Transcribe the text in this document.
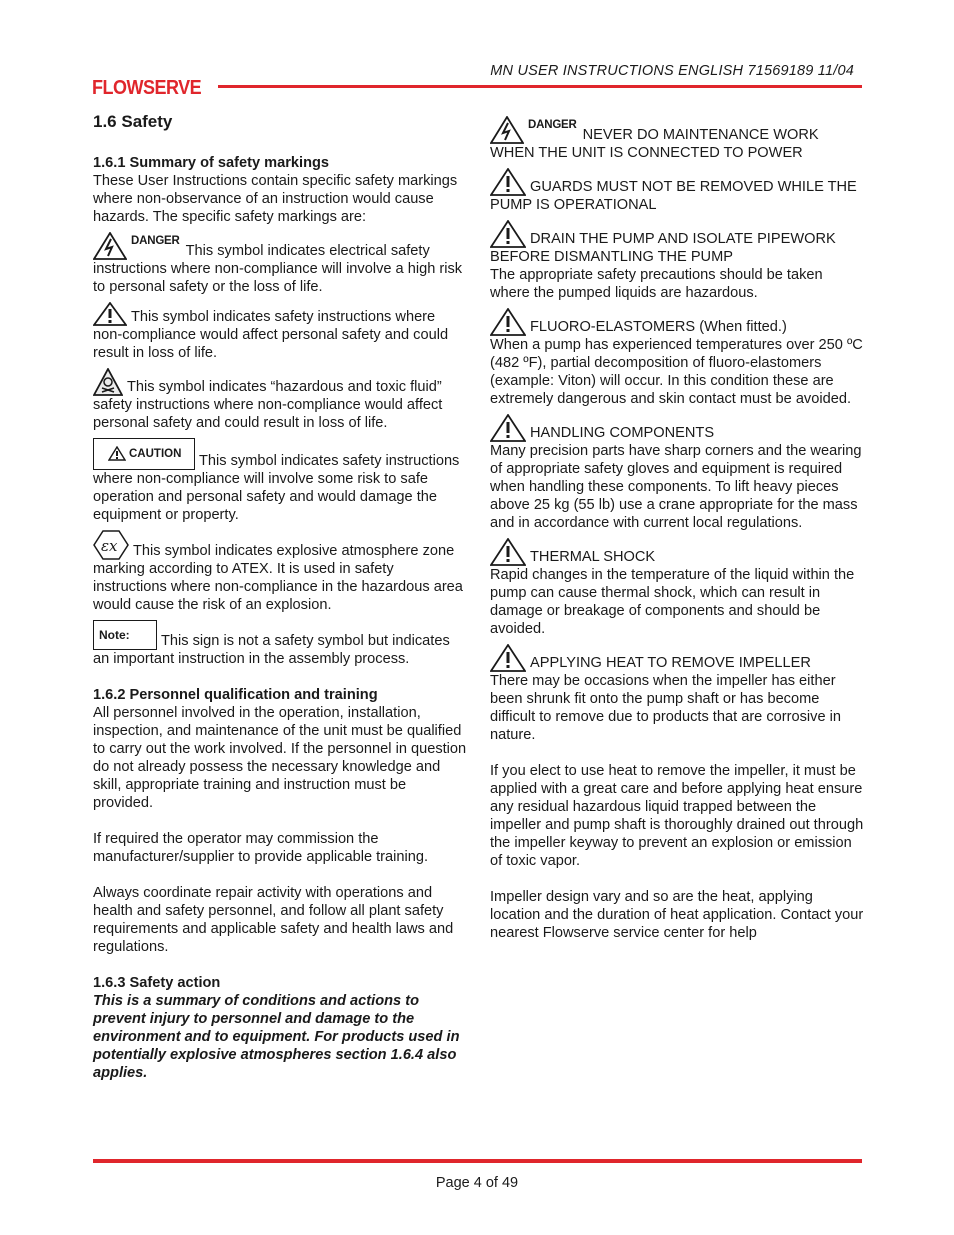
FLOWSERVE
MN USER INSTRUCTIONS ENGLISH 71569189 11/04
1.6 Safety
1.6.1 Summary of safety markings

These User Instructions contain specific safety markings where non-observance of an instruction would cause hazards. The specific safety markings are:

DANGERThis symbol indicates electrical safety instructions where non-compliance will involve a high risk to personal safety or the loss of life.

This symbol indicates safety instructions where non-compliance would affect personal safety and could result in loss of life.

This symbol indicates “hazardous and toxic fluid” safety instructions where non-compliance would affect personal safety and could result in loss of life.

CAUTION This symbol indicates safety instructions where non-compliance will involve some risk to safe operation and personal safety and would damage the equipment or property.

εx This symbol indicates explosive atmosphere zone marking according to ATEX. It is used in safety instructions where non-compliance in the hazardous area would cause the risk of an explosion.

Note: This sign is not a safety symbol but indicates an important instruction in the assembly process.

1.6.2 Personnel qualification and training

All personnel involved in the operation, installation, inspection, and maintenance of the unit must be qualified to carry out the work involved. If the personnel in question do not already possess the necessary knowledge and skill, appropriate training and instruction must be provided.

If required the operator may commission the manufacturer/supplier to provide applicable training.

Always coordinate repair activity with operations and health and safety personnel, and follow all plant safety requirements and applicable safety and health laws and regulations.

1.6.3 Safety action

This is a summary of conditions and actions to prevent injury to personnel and damage to the environment and to equipment. For products used in potentially explosive atmospheres section 1.6.4 also applies.

DANGERNEVER DO MAINTENANCE WORK WHEN THE UNIT IS CONNECTED TO POWER

GUARDS MUST NOT BE REMOVED WHILE THE PUMP IS OPERATIONAL

DRAIN THE PUMP AND ISOLATE PIPEWORK BEFORE DISMANTLING THE PUMP

The appropriate safety precautions should be taken where the pumped liquids are hazardous.

FLUORO-ELASTOMERS (When fitted.)

When a pump has experienced temperatures over 250 ºC (482 ºF), partial decomposition of fluoro-elastomers (example: Viton) will occur. In this condition these are extremely dangerous and skin contact must be avoided.

HANDLING COMPONENTS

Many precision parts have sharp corners and the wearing of appropriate safety gloves and equipment is required when handling these components. To lift heavy pieces above 25 kg (55 lb) use a crane appropriate for the mass and in accordance with current local regulations.

THERMAL SHOCK

Rapid changes in the temperature of the liquid within the pump can cause thermal shock, which can result in damage or breakage of components and should be avoided.

APPLYING HEAT TO REMOVE IMPELLER

There may be occasions when the impeller has either been shrunk fit onto the pump shaft or has become difficult to remove due to products that are corrosive in nature.

If you elect to use heat to remove the impeller, it must be applied with a great care and before applying heat ensure any residual hazardous liquid trapped between the impeller and pump shaft is thoroughly drained out through the impeller keyway to prevent an explosion or emission of toxic vapor.

Impeller design vary and so are the heat, applying location and the duration of heat application. Contact your nearest Flowserve service center for help

Page 4 of 49
